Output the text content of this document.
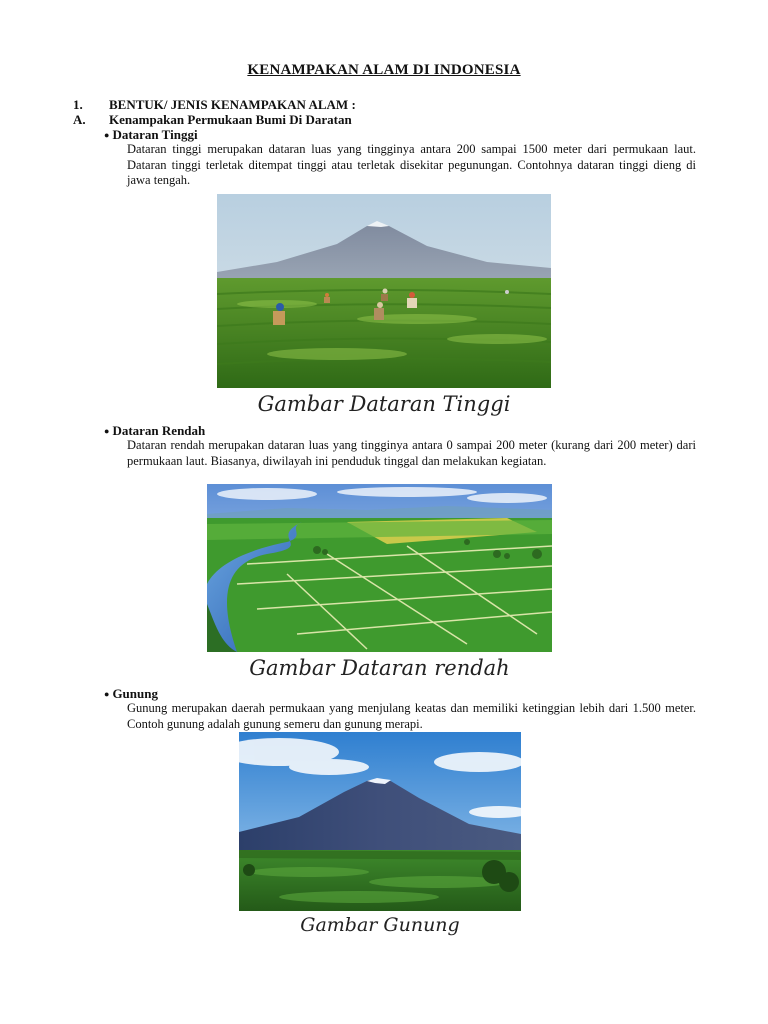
KENAMPAKAN ALAM DI INDONESIA
1. BENTUK/ JENIS KENAMPAKAN ALAM :
A. Kenampakan Permukaan Bumi Di Daratan
● Dataran Tinggi
Dataran tinggi merupakan dataran luas yang tingginya antara 200 sampai 1500 meter dari permukaan laut. Dataran tinggi terletak ditempat tinggi atau terletak disekitar pegunungan. Contohnya dataran tinggi dieng di jawa tengah.
Gambar Dataran Tinggi
● Dataran Rendah
Dataran rendah merupakan dataran luas yang tingginya antara 0 sampai 200 meter (kurang dari 200 meter) dari permukaan laut. Biasanya, diwilayah ini penduduk tinggal dan melakukan kegiatan.
Gambar Dataran rendah
● Gunung
Gunung merupakan daerah permukaan yang menjulang keatas dan memiliki ketinggian lebih dari 1.500 meter. Contoh gunung adalah gunung semeru dan gunung merapi.
Gambar Gunung
